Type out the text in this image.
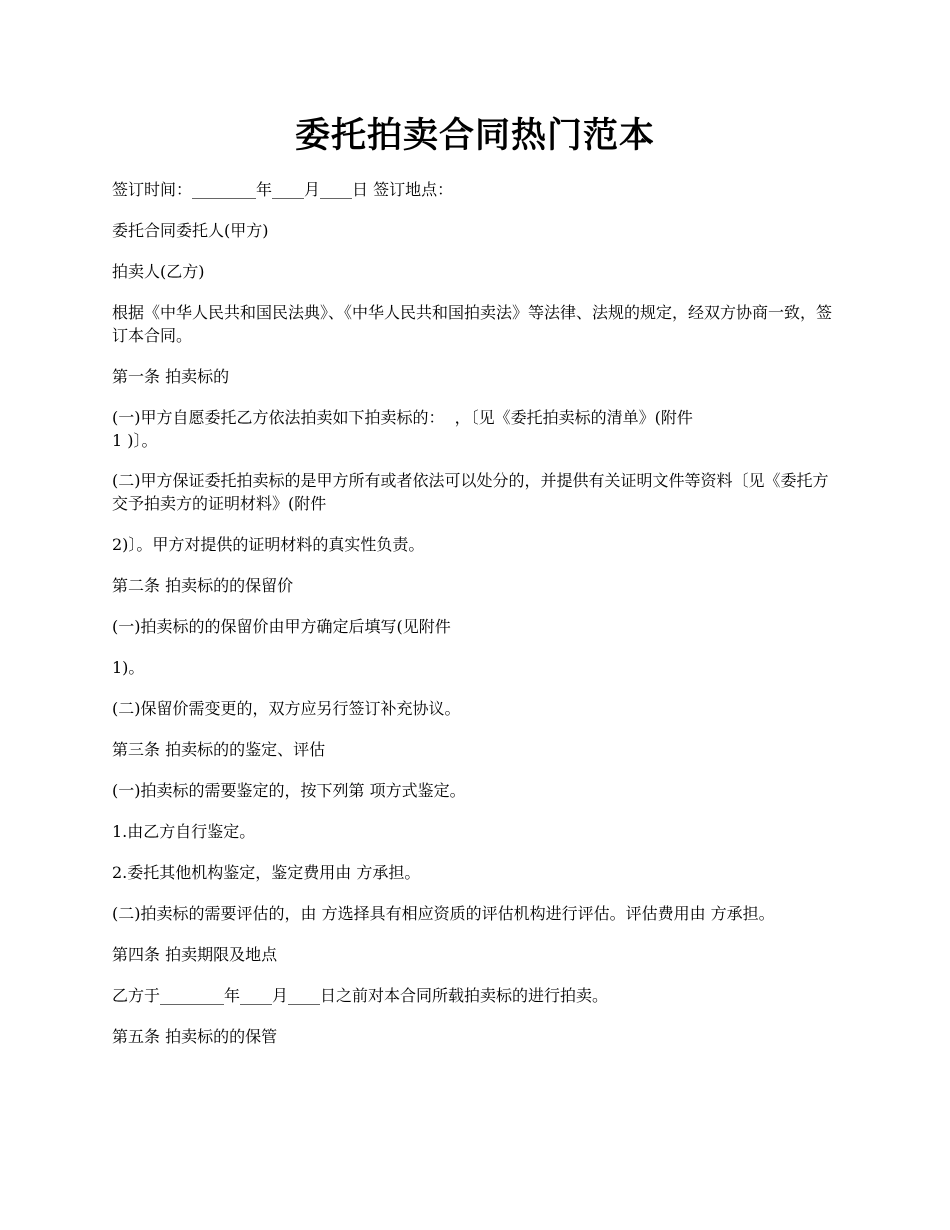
委托拍卖合同热门范本

签订时间：________年____月____日 签订地点：

委托合同委托人(甲方)

拍卖人(乙方)

根据《中华人民共和国民法典》、《中华人民共和国拍卖法》等法律、法规的规定，经双方协商一致，签订本合同。

第一条 拍卖标的

(一)甲方自愿委托乙方依法拍卖如下拍卖标的：  ，〔见《委托拍卖标的清单》(附件
1 )〕。

(二)甲方保证委托拍卖标的是甲方所有或者依法可以处分的，并提供有关证明文件等资料〔见《委托方交予拍卖方的证明材料》(附件

2)〕。甲方对提供的证明材料的真实性负责。

第二条 拍卖标的的保留价

(一)拍卖标的的保留价由甲方确定后填写(见附件

1)。

(二)保留价需变更的，双方应另行签订补充协议。

第三条 拍卖标的的鉴定、评估

(一)拍卖标的需要鉴定的，按下列第 项方式鉴定。

1.由乙方自行鉴定。

2.委托其他机构鉴定，鉴定费用由 方承担。

(二)拍卖标的需要评估的，由 方选择具有相应资质的评估机构进行评估。评估费用由 方承担。

第四条 拍卖期限及地点

乙方于________年____月____日之前对本合同所载拍卖标的进行拍卖。

第五条 拍卖标的的保管
